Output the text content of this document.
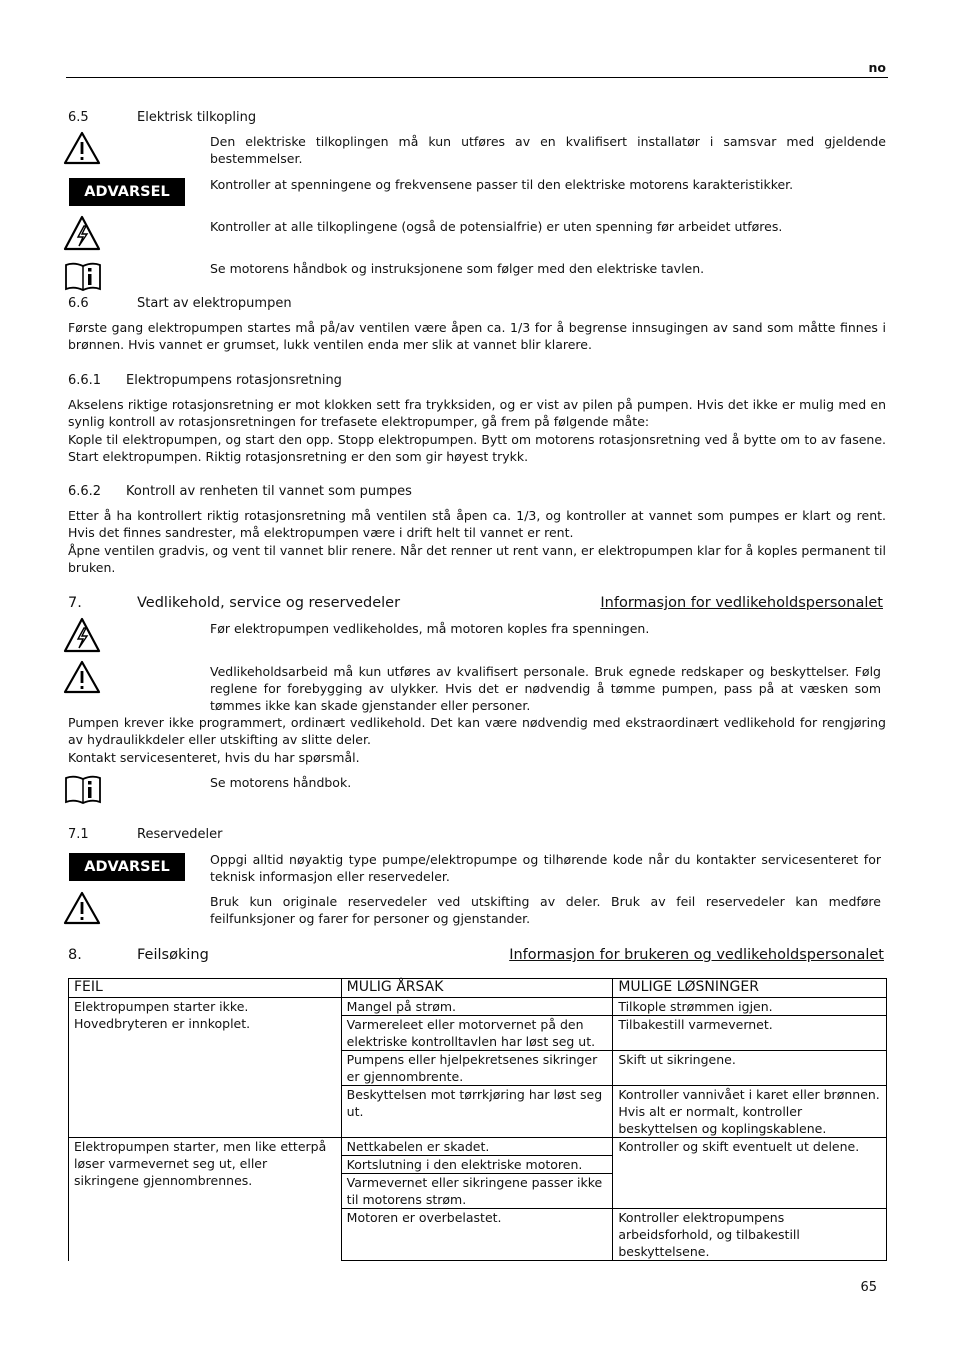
no
6.5	Elektrisk tilkopling
Den elektriske tilkoplingen må kun utføres av en kvalifisert installatør i samsvar med gjeldende bestemmelser.
ADVARSEL	Kontroller at spenningene og frekvensene passer til den elektriske motorens karakteristikker.
Kontroller at alle tilkoplingene (også de potensialfrie) er uten spenning før arbeidet utføres.
Se motorens håndbok og instruksjonene som følger med den elektriske tavlen.
6.6	Start av elektropumpen
Første gang elektropumpen startes må på/av ventilen være åpen ca. 1/3 for å begrense innsugingen av sand som måtte finnes i brønnen. Hvis vannet er grumset, lukk ventilen enda mer slik at vannet blir klarere.
6.6.1 Elektropumpens rotasjonsretning
Akselens riktige rotasjonsretning er mot klokken sett fra trykksiden, og er vist av pilen på pumpen. Hvis det ikke er mulig med en synlig kontroll av rotasjonsretningen for trefasete elektropumper, gå frem på følgende måte:
Kople til elektropumpen, og start den opp. Stopp elektropumpen. Bytt om motorens rotasjonsretning ved å bytte om to av fasene. Start elektropumpen. Riktig rotasjonsretning er den som gir høyest trykk.
6.6.2 Kontroll av renheten til vannet som pumpes
Etter å ha kontrollert riktig rotasjonsretning må ventilen stå åpen ca. 1/3, og kontroller at vannet som pumpes er klart og rent. Hvis det finnes sandrester, må elektropumpen være i drift helt til vannet er rent.
Åpne ventilen gradvis, og vent til vannet blir renere. Når det renner ut rent vann, er elektropumpen klar for å koples permanent til bruken.
7.	Vedlikehold, service og reservedeler	Informasjon for vedlikeholdspersonalet
Før elektropumpen vedlikeholdes, må motoren koples fra spenningen.
Vedlikeholdsarbeid må kun utføres av kvalifisert personale. Bruk egnede redskaper og beskyttelser. Følg reglene for forebygging av ulykker. Hvis det er nødvendig å tømme pumpen, pass på at væsken som tømmes ikke kan skade gjenstander eller personer.
Pumpen krever ikke programmert, ordinært vedlikehold. Det kan være nødvendig med ekstraordinært vedlikehold for rengjøring av hydraulikkdeler eller utskifting av slitte deler.
Kontakt servicesenteret, hvis du har spørsmål.
Se motorens håndbok.
7.1	Reservedeler
ADVARSEL	Oppgi alltid nøyaktig type pumpe/elektropumpe og tilhørende kode når du kontakter servicesenteret for teknisk informasjon eller reservedeler.
Bruk kun originale reservedeler ved utskifting av deler. Bruk av feil reservedeler kan medføre feilfunksjoner og farer for personer og gjenstander.
8.	Feilsøking	Informasjon for brukeren og vedlikeholdspersonalet
FEIL	MULIG ÅRSAK	MULIGE LØSNINGER
Elektropumpen starter ikke. Hovedbryteren er innkoplet.	Mangel på strøm.	Tilkople strømmen igjen.
	Varmereleet eller motorvernet på den elektriske kontrolltavlen har løst seg ut.	Tilbakestill varmevernet.
	Pumpens eller hjelpekretsenes sikringer er gjennombrente.	Skift ut sikringene.
	Beskyttelsen mot tørrkjøring har løst seg ut.	Kontroller vannivået i karet eller brønnen. Hvis alt er normalt, kontroller beskyttelsen og koplingskablene.
Elektropumpen starter, men like etterpå løser varmevernet seg ut, eller sikringene gjennombrennes.	Nettkabelen er skadet.	Kontroller og skift eventuelt ut delene.
	Kortslutning i den elektriske motoren.	
	Varmevernet eller sikringene passer ikke til motorens strøm.	
	Motoren er overbelastet.	Kontroller elektropumpens arbeidsforhold, og tilbakestill beskyttelsene.
65
